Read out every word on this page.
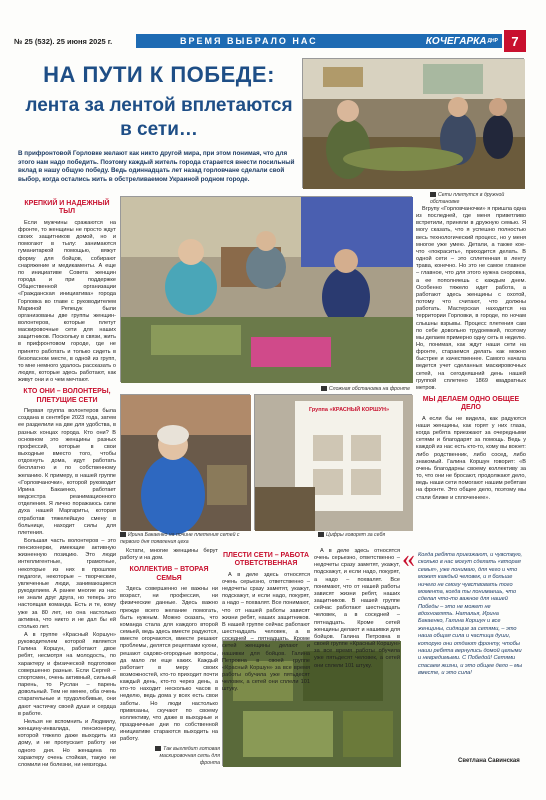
№ 25 (532). 25 июня 2025 г.	ВРЕМЯ ВЫБРАЛО НАС	КОЧЕГАРКА ДНР	7
НА ПУТИ К ПОБЕДЕ:
лента за лентой вплетаются в сети…
В прифронтовой Горловке желают как никто другой мира, при этом понимая, что для этого нам надо победить. Поэтому каждый житель города старается внести посильный вклад в нашу общую победу. Ведь одиннадцать лет назад горловчане сделали свой выбор, когда остались жить в обстреливаемом Украиной родном городе.
Сети плетутся в дружной обстановке
Сложная обстановка на фронте
Ирина Бакаенко на почине плетения сетей с первого дня появления цеха
Группа «КРАСНЫЙ КОРШУН»
Цифры говорят за себя
Так выглядит готовая маскировочная сеть для фронта
КРЕПКИЙ И НАДЕЖНЫЙ ТЫЛ

Если мужчины сражаются на фронте, то женщины не просто ждут своих защитников домой, но и помогают в тылу: занимаются гуманитаркой помощью, вяжут форму для бойцов, собирают снаряжение и медикаменты. А еще по инициативе Совета женщин города и при поддержке Общественной организации «Гражданская инициатива» города Горловка во главе с руководителем Мариной Репецук были организованы две группы женщин-волонтеров, которые плетут маскировочные сети для наших защитников. Поскольку в связи, жить в прифронтовом городе, где не принято работать и только сидеть в безопасном месте, в одной из групп, то мне немного удалось рассказать о людях, которые здесь работают, как живут они и о чем мечтают.

КТО ОНИ – ВОЛОНТЕРЫ, ПЛЕТУЩИЕ СЕТИ

Первая группа волонтеров была создана в сентябре 2023 года, затем ее разделили на две для удобства, в разных концах города. Кто они? В основном это женщины разных профессий, которые в свои выходные вместо того, чтобы отдохнуть дома, идут работать бесплатно и по собственному желанию. К примеру, в нашей группе «Горловчаночки», которой руководит Ирина Бакаенко, работает медсестра реанимационного отделения. Я лично поражаюсь силе духа нашей Маргариты, которая отработав тяжелейшую смену в больнице, находит силы для плетения.

Большая часть волонтеров – это пенсионерки, имеющие активную жизненную позицию. Это люди интеллигентные, грамотные, некоторые из них в прошлом педагоги, некоторые – творческие, увлеченные люди, занимающиеся рукоделием. А ранее многие из нас не знали друг друга, но теперь это настоящая команда. Есть и те, кому уже за 80 лет, но она настолько активна, что никто и не дал бы ей столько лет.

А в группе «Красный Коршун» руководителем которой является Галина Коршун, работают двое ребят, несмотря на молодость, по характеру и физической подготовке совершенно разные. Если Сергей – спортсмен, очень активный, сильный парень, то Руслан – парень довольный. Тем не менее, оба очень старательные и трудолюбивые, они дают частичку своей души и сердца в работе.

Нельзя не вспомнить и Людмилу, женщину-инвалида, пенсионерку, которой тяжело даже выходить из дому, и не пропускает работу ни одного дня. Но женщина по характеру очень стойкая, такую не сломили ни болезни, ни невзгоды.

Кстати, многие женщины берут работу и на дом.

КОЛЛЕКТИВ – ВТОРАЯ СЕМЬЯ

Здесь совершенно не важны ни возраст, ни профессия, ни физические данные. Здесь важно прежде всего желание помогать, быть нужным. Можно сказать, что команда стала для каждого второй семьей, ведь здесь вместе радуются, вместе огорчаются, вместе решают проблемы, делятся рецептами кухни, решают садово-огородные вопросы, да мало ли еще каких. Каждый работает в меру своих возможностей, кто-то приходит почти каждый день, кто-то через день, а кто-то находит несколько часов в неделю, ведь дома у всех есть свои заботы. Но люди настолько привязаны, скучают по своему коллективу, что даже в выходные и праздничные дни по собственной инициативе стараются выходить на работу.

ПЛЕСТИ СЕТИ – РАБОТА ОТВЕТСТВЕННАЯ

А в деле здесь относятся очень серьезно, ответственно – недочеты сразу заметят, укажут, подскажут, и если надо, покурят, а надо – похвалят. Все понимают, что от нашей работы зависят жизни ребят, наших защитников. В нашей группе сейчас работают шестнадцать человек, а в соседней – пятнадцать. Кроме сетей женщины делают и нашивки для бойцов. Галина Петровна в своей группе «Красный Коршун» за все время работы обучила уже пятьдесят человек, а сетей они сплели 101 штуку.

А в деле здесь относятся очень серьезно, ответственно – недочеты сразу заметят, укажут, подскажут, и если надо, покурят, а надо – похвалят. Все понимают, что от нашей работы зависят жизни ребят, наших защитников. В нашей группе сейчас работают шестнадцать человек, а в соседней – пятнадцать. Кроме сетей женщины делают и нашивки для бойцов. Галина Петровна в своей группе «Красный Коршун» за все время работы обучила уже пятьдесят человек, а сетей они сплели 101 штуку.

Вгрупу «Горловчаночки» я пришла одна из последней, где меня приветливо встретили, приняли в дружную семью. Я могу сказать, что я успешно полностью весь технологический процесс, но у меня многое уже умею. Детали, а также кое-что «покрасить», приходится делать. В одной сети – это сплетенная в ленту трава, конечно. Но это не самое главное – главное, что для этого нужна сноровка, а ее пополняешь с каждым днем. Особенно тяжело идет работа, а работают здесь женщины с охотой, потому что считают, что должны работать. Мастерская находится на территории Горловки, в городе, по ночам слышны взрывы. Процесс плетения сам по себе довольно трудоемкий, поэтому мы делаем примерно одну сеть в неделю. Но, понимая, как ждут наши сети на фронте, стараемся делать как можно быстрее и качественнее. Самого начала ведется учет сделанных маскировочных сетей, на сегодняшний день нашей группой сплетено 1869 квадратных метров.

МЫ ДЕЛАЕМ ОДНО ОБЩЕЕ ДЕЛО

А если бы не видела, как радуются наши женщины, как горят у них глаза, когда ребята приезжают за очередными сетями и благодарят за помощь. Ведь у каждой из нас есть кто-то, кому вы воюет: либо родственник, либо сосед, либо знакомый. Галина Коршун говорит: «В очень благодарны своему коллективу за то, что они не бросают, продолжают дело, ведь наши сети помогают нашим ребятам на фронте. Это общее дело, поэтому мы стали ближе и сплоченнее».

« Когда ребята приезжают, и чувствую, сколько в нас могут сделать «вторая семья», уже понимаю, для чего и что может каждый человек, и я больше ничего не смогу чувствовать того момента, когда ты понимаешь, что сделал что-то важное для нашей Победы – это не может не вдохновлять. Наталья, Ирина Бакаенко, Галина Коршун и все женщины, сидящие за сетями, – это наша общая сила и частица души, которую они отдают фронту, чтобы наши ребята вернулись домой целыми и невредимыми. С Победой! Сетями спасаем жизни, и это общее дело – мы вместе, и это сила!
Светлана Савинская
